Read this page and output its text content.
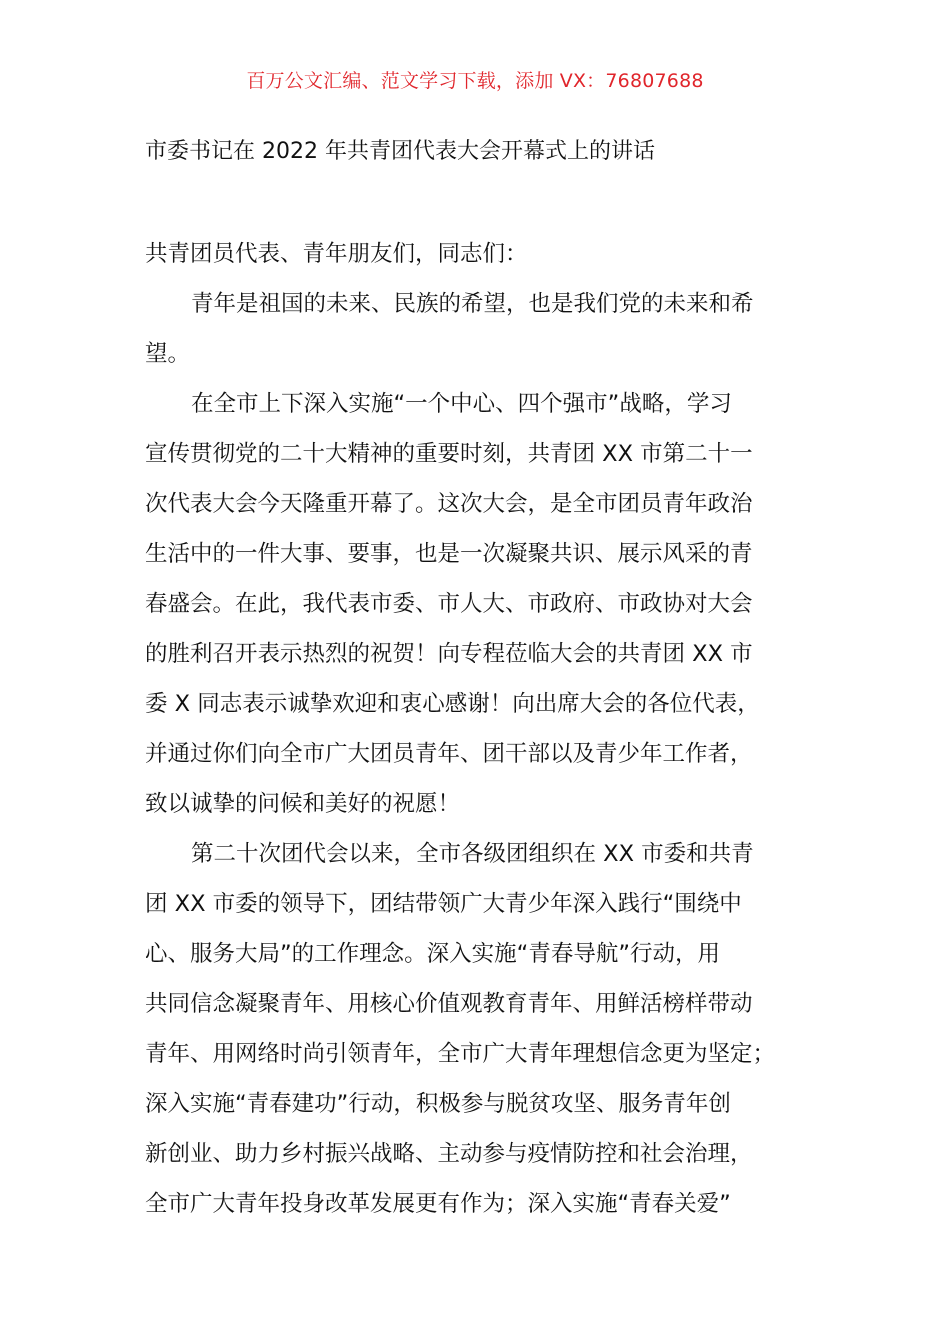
百万公文汇编、范文学习下载，添加 VX：76807688
市委书记在 2022 年共青团代表大会开幕式上的讲话

共青团员代表、青年朋友们，同志们：

青年是祖国的未来、民族的希望，也是我们党的未来和希

望。

在全市上下深入实施“一个中心、四个强市”战略，学习

宣传贯彻党的二十大精神的重要时刻，共青团 XX 市第二十一

次代表大会今天隆重开幕了。这次大会，是全市团员青年政治

生活中的一件大事、要事，也是一次凝聚共识、展示风采的青

春盛会。在此，我代表市委、市人大、市政府、市政协对大会

的胜利召开表示热烈的祝贺！向专程莅临大会的共青团 XX 市

委 X 同志表示诚挚欢迎和衷心感谢！向出席大会的各位代表，

并通过你们向全市广大团员青年、团干部以及青少年工作者，

致以诚挚的问候和美好的祝愿！

第二十次团代会以来，全市各级团组织在 XX 市委和共青

团 XX 市委的领导下，团结带领广大青少年深入践行“围绕中

心、服务大局”的工作理念。深入实施“青春导航”行动，用

共同信念凝聚青年、用核心价值观教育青年、用鲜活榜样带动

青年、用网络时尚引领青年，全市广大青年理想信念更为坚定；

深入实施“青春建功”行动，积极参与脱贫攻坚、服务青年创

新创业、助力乡村振兴战略、主动参与疫情防控和社会治理，

全市广大青年投身改革发展更有作为；深入实施“青春关爱”
